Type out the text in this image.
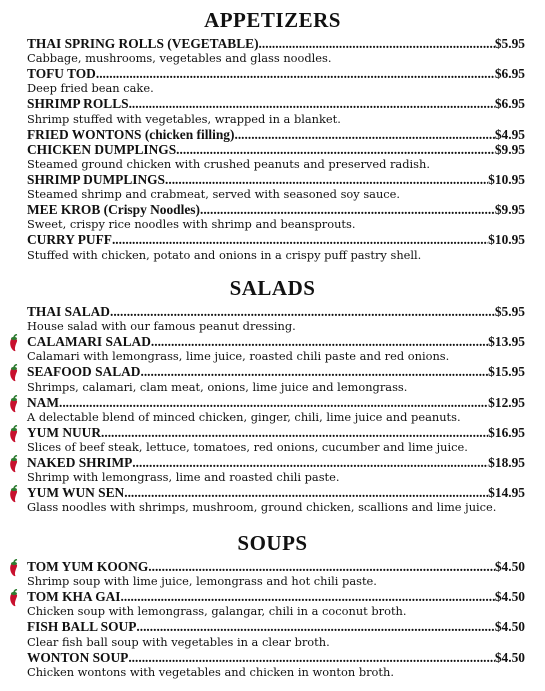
APPETIZERS
THAI SPRING ROLLS (VEGETABLE) .....	$5.95
Cabbage, mushrooms, vegetables and glass noodles.
TOFU TOD .....	$6.95
Deep fried bean cake.
SHRIMP ROLLS .....	$6.95
Shrimp stuffed with vegetables, wrapped in a blanket.
FRIED WONTONS (chicken filling) .....	$4.95
CHICKEN DUMPLINGS .....	$9.95
Steamed ground chicken with crushed peanuts and preserved radish.
SHRIMP DUMPLINGS .....	$10.95
Steamed shrimp and crabmeat, served with seasoned soy sauce.
MEE KROB (Crispy Noodles) .....	$9.95
Sweet, crispy rice noodles with shrimp and beansprouts.
CURRY PUFF .....	$10.95
Stuffed with chicken, potato and onions in a crispy puff pastry shell.
SALADS
THAI SALAD .....	$5.95
House salad with our famous peanut dressing.
CALAMARI SALAD .....	$13.95
Calamari with lemongrass, lime juice, roasted chili paste and red onions.
SEAFOOD SALAD .....	$15.95
Shrimps, calamari, clam meat, onions, lime juice and lemongrass.
NAM .....	$12.95
A delectable blend of minced chicken, ginger, chili, lime juice and peanuts.
YUM NUUR .....	$16.95
Slices of beef steak, lettuce, tomatoes, red onions, cucumber and lime juice.
NAKED SHRIMP .....	$18.95
Shrimp with lemongrass, lime and roasted chili paste.
YUM WUN SEN .....	$14.95
Glass noodles with shrimps, mushroom, ground chicken, scallions and lime juice.
SOUPS
TOM YUM KOONG .....	$4.50
Shrimp soup with lime juice, lemongrass and hot chili paste.
TOM KHA GAI .....	$4.50
Chicken soup with lemongrass, galangar, chili in a coconut broth.
FISH BALL SOUP .....	$4.50
Clear fish ball soup with vegetables in a clear broth.
WONTON SOUP .....	$4.50
Chicken wontons with vegetables and chicken in wonton broth.
